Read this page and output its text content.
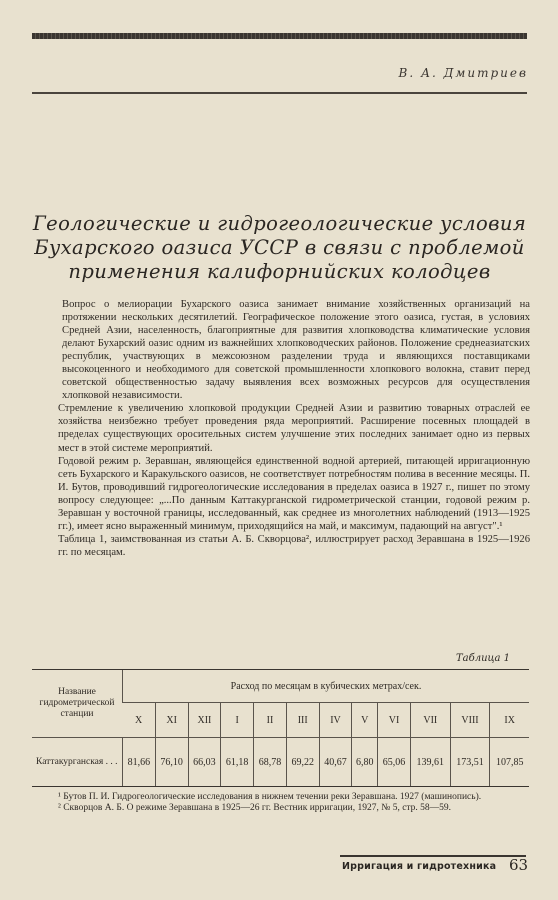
В. А. Дмитриев
Геологические и гидрогеологические условия
Бухарского оазиса УССР в связи с проблемой
применения калифорнийских колодцев

Вопрос о мелиорации Бухарского оазиса занимает внимание хозяйственных организаций на протяжении нескольких десятилетий. Географическое положение этого оазиса, густая, в условиях Средней Азии, населенность, благоприятные для развития хлопководства климатические условия делают Бухарский оазис одним из важнейших хлопководческих районов. Положение среднеазиатских республик, участвующих в межсоюзном разделении труда и являющихся поставщиками высокоценного и необходимого для советской промышленности хлопкового волокна, ставит перед советской общественностью задачу выявления всех возможных ресурсов для осуществления хлопковой независимости.

Стремление к увеличению хлопковой продукции Средней Азии и развитию товарных отраслей ее хозяйства неизбежно требует проведения ряда мероприятий. Расширение посевных площадей в пределах существующих оросительных систем улучшение этих последних занимает одно из первых мест в этой системе мероприятий.

Годовой режим р. Зеравшан, являющейся единственной водной артерией, питающей ирригационную сеть Бухарского и Каракульского оазисов, не соответствует потребностям полива в весенние месяцы. П. И. Бутов, проводивший гидрогеологические исследования в пределах оазиса в 1927 г., пишет по этому вопросу следующее: „...По данным Каттакурганской гидрометрической станции, годовой режим р. Зеравшан у восточной границы, исследованный, как среднее из многолетних наблюдений (1913—1925 гг.), имеет ясно выраженный минимум, приходящийся на май, и максимум, падающий на август".¹

Таблица 1, заимствованная из статьи А. Б. Скворцова², иллюстрирует расход Зеравшана в 1925—1926 гг. по месяцам.

Таблица 1
Название гидрометрической станции	Расход по месяцам в кубических метрах/сек.											
	X	XI	XII	I	II	III	IV	V	VI	VII	VIII	IX
Каттакурганская . . .	81,66	76,10	66,03	61,18	68,78	69,22	40,67	6,80	65,06	139,61	173,51	107,85

¹ Бутов П. И. Гидрогеологические исследования в нижнем течении реки Зеравшана. 1927 (машинопись).

² Скворцов А. Б. О режиме Зеравшана в 1925—26 гг. Вестник ирригации, 1927, № 5, стр. 58—59.

Ирригация и гидротехника 63
